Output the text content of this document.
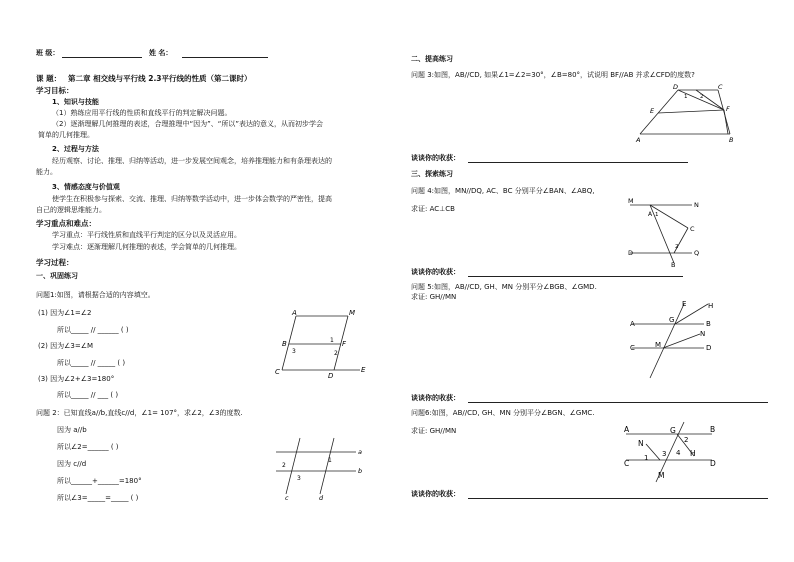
班 级：	姓 名：
课 题： 第二章 相交线与平行线 2.3平行线的性质（第二课时）
学习目标：
1、知识与技能
（1）熟练应用平行线的性质和直线平行的判定解决问题。
（2）逐渐理解几何推理的表述，合理推理中“因为”、“所以”表达的意义，从而初步学会
简单的几何推理。
2、过程与方法
经历观察、讨论、推理、归纳等活动，进一步发展空间观念，培养推理能力和有条理表达的
能力。
3、情感态度与价值观
使学生在积极参与探索、交流、推理、归纳等数学活动中，进一步体会数学的严密性，提高
自己的逻辑思维能力。
学习重点和难点：
学习重点：平行线性质和直线平行判定的区分以及灵活应用。
学习难点：逐渐理解几何推理的表述，学会简单的几何推理。
学习过程：
一、巩固练习
问题1:如图，请根据合适的内容填空。
(1) 因为∠1=∠2
所以_____ // ______ ( )
(2) 因为∠3=∠M
所以_____ // _____ ( )
(3) 因为∠2+∠3=180°
所以_____ // ___ ( )
问题 2：已知直线a//b,直线c//d，∠1= 107°，求∠2，∠3的度数.
因为 a//b
所以∠2=______ ( )
因为 c//d
所以______+______=180°
所以∠3=_____=_____ ( )
A	M
B	F
C	D
E
1
2
3
a
b
c	d
1
2
3
二、提高练习
问题 3:如图，AB//CD, 如果∠1=∠2=30°，∠B=80°，试说明 BF//AB 并求∠CFD的度数?
D	C
E	F
A	B
1 2
谈谈你的收获：
三、探索练习
问题 4:如图，MN//DQ, AC、BC 分别平分∠BAN、∠ABQ,
求证: AC⊥CB
M	N
A
C
D	Q
B
1
2
谈谈你的收获：
问题 5:如图，AB//CD, GH、MN 分别平分∠BGB、∠GMD.
求证: GH//MN
A	B
C	D
E
G
H
M
N
谈谈你的收获：
问题6:如图，AB//CD, GH、MN 分别平分∠BGN、∠GMC.
求证: GH//MN	A	B
C	D
G
H
M
N
1
2
3 4
谈谈你的收获：
